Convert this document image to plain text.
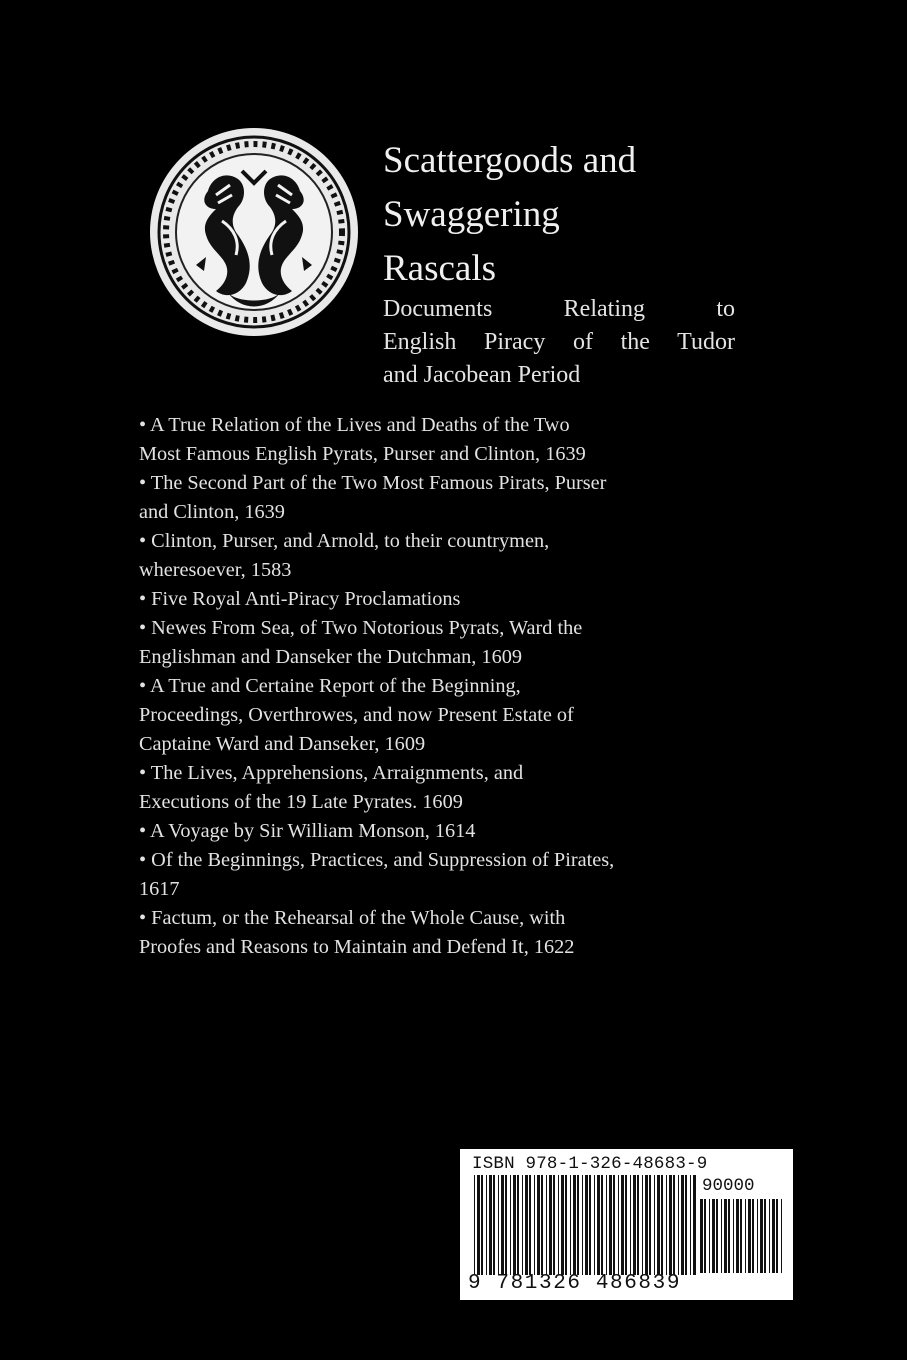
Scattergoods and
Swaggering
Rascals

Documents Relating to
English Piracy of the Tudor
and Jacobean Period

• A True Relation of the Lives and Deaths of the Two
Most Famous English Pyrats, Purser and Clinton, 1639
• The Second Part of the Two Most Famous Pirats, Purser
and Clinton, 1639
• Clinton, Purser, and Arnold, to their countrymen,
wheresoever, 1583
• Five Royal Anti-Piracy Proclamations
• Newes From Sea, of Two Notorious Pyrats, Ward the
Englishman and Danseker the Dutchman, 1609
• A True and Certaine Report of the Beginning,
Proceedings, Overthrowes, and now Present Estate of
Captaine Ward and Danseker, 1609
• The Lives, Apprehensions, Arraignments, and
Executions of the 19 Late Pyrates. 1609
• A Voyage by Sir William Monson, 1614
• Of the Beginnings, Practices, and Suppression of Pirates,
1617
• Factum, or the Rehearsal of the Whole Cause, with
Proofes and Reasons to Maintain and Defend It, 1622
ISBN 978-1-326-48683-9
90000
9 781326 486839
